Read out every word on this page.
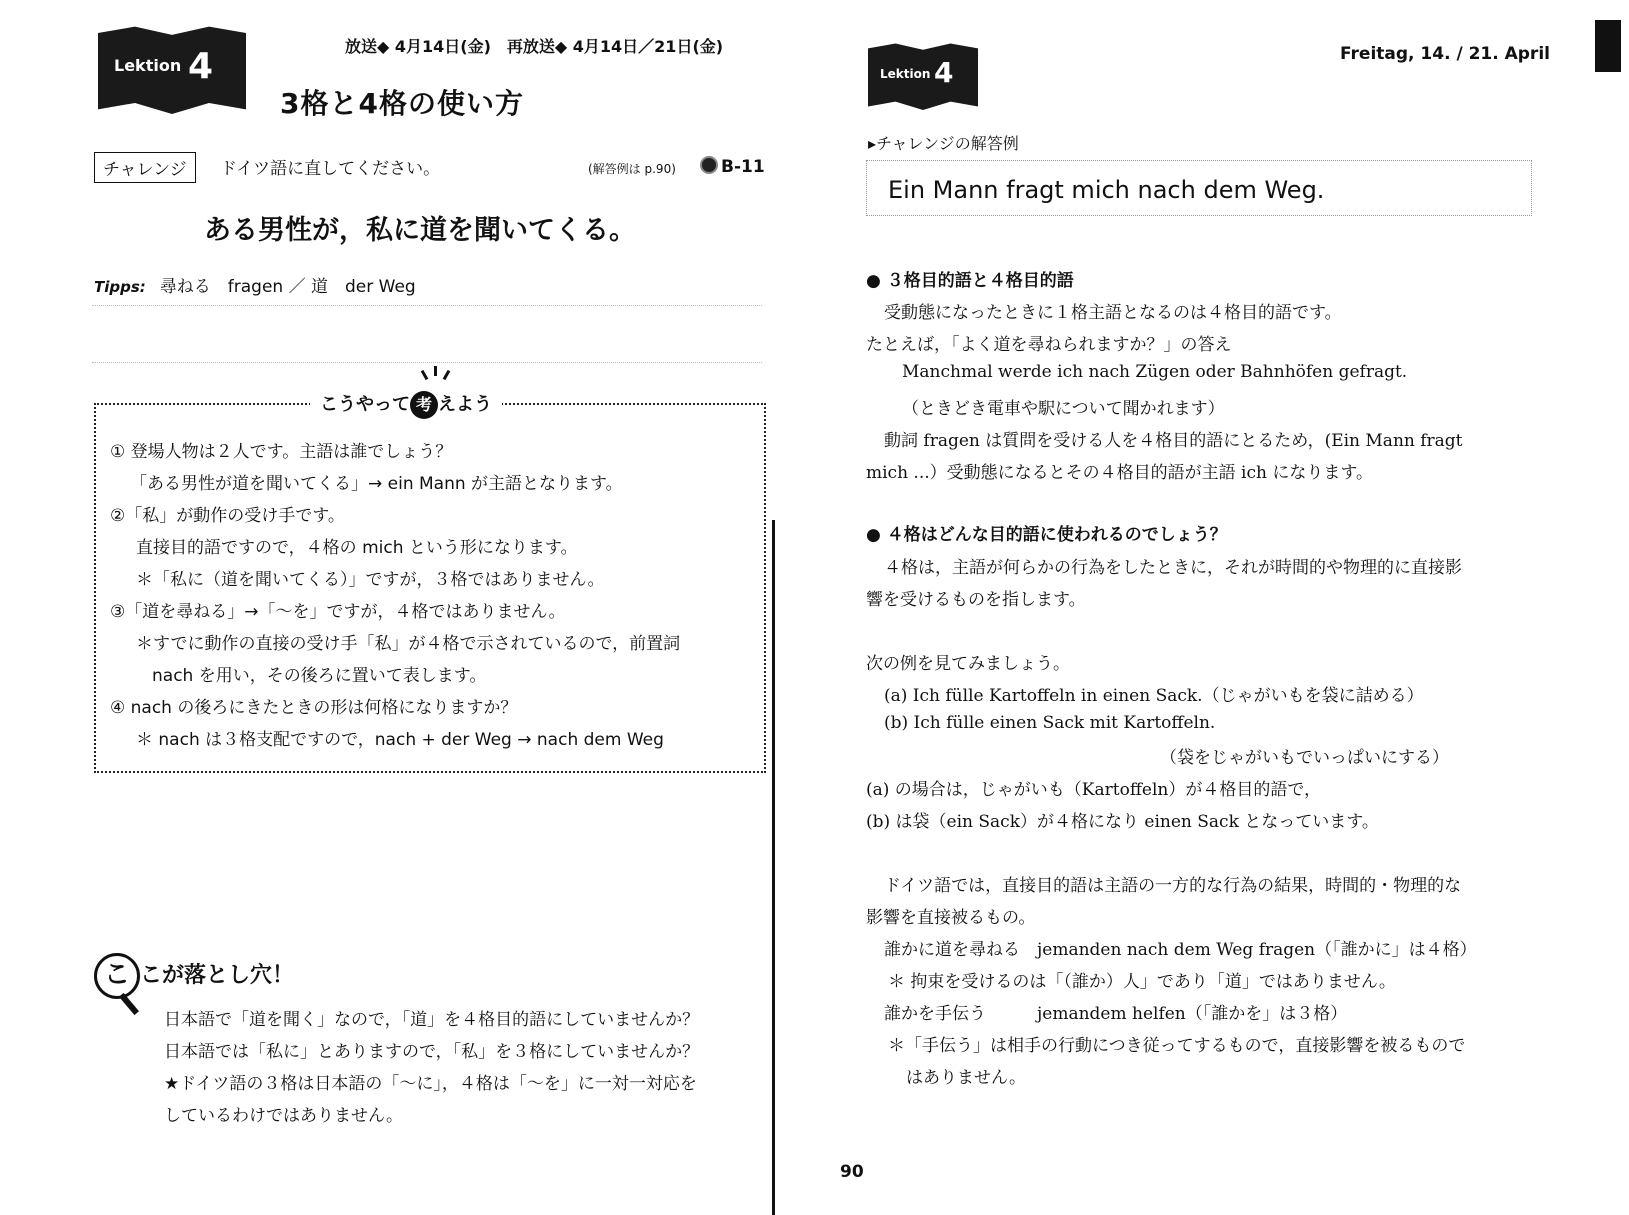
Lektion 4	放送◆ 4月14日(金)　再放送◆ 4月14日／21日(金)
3格と4格の使い方
チャレンジ	ドイツ語に直してください。	(解答例は p.90)	B-11
ある男性が，私に道を聞いてくる。
Tipps: 尋ねる　fragen ／ 道　der Weg
こうやって 考 えよう
① 登場人物は２人です。主語は誰でしょう？
「ある男性が道を聞いてくる」→ ein Mann が主語となります。
②「私」が動作の受け手です。
直接目的語ですので，４格の mich という形になります。
＊「私に（道を聞いてくる）」ですが，３格ではありません。
③「道を尋ねる」→「～を」ですが，４格ではありません。
＊すでに動作の直接の受け手「私」が４格で示されているので，前置詞
nach を用い，その後ろに置いて表します。
④ nach の後ろにきたときの形は何格になりますか？
＊ nach は３格支配ですので，nach + der Weg → nach dem Weg
こ こが落とし穴！
日本語で「道を聞く」なので，「道」を４格目的語にしていませんか？
日本語では「私に」とありますので，「私」を３格にしていませんか？
★ドイツ語の３格は日本語の「～に」，４格は「～を」に一対一対応を
しているわけではありません。
Lektion 4
Freitag, 14. / 21. April
▸チャレンジの解答例
Ein Mann fragt mich nach dem Weg.
● ３格目的語と４格目的語
受動態になったときに１格主語となるのは４格目的語です。
たとえば，「よく道を尋ねられますか？」の答え
Manchmal werde ich nach Zügen oder Bahnhöfen gefragt.
（ときどき電車や駅について聞かれます）
動詞 fragen は質問を受ける人を４格目的語にとるため，(Ein Mann fragt
mich ...）受動態になるとその４格目的語が主語 ich になります。
● ４格はどんな目的語に使われるのでしょう？
４格は，主語が何らかの行為をしたときに，それが時間的や物理的に直接影
響を受けるものを指します。
次の例を見てみましょう。
(a) Ich fülle Kartoffeln in einen Sack.（じゃがいもを袋に詰める）
(b) Ich fülle einen Sack mit Kartoffeln.
（袋をじゃがいもでいっぱいにする）
(a) の場合は，じゃがいも（Kartoffeln）が４格目的語で，
(b) は袋（ein Sack）が４格になり einen Sack となっています。
ドイツ語では，直接目的語は主語の一方的な行為の結果，時間的・物理的な
影響を直接被るもの。
誰かに道を尋ねる　jemanden nach dem Weg fragen（「誰かに」は４格）
＊ 拘束を受けるのは「（誰か）人」であり「道」ではありません。
誰かを手伝う　　　jemandem helfen（「誰かを」は３格）
＊「手伝う」は相手の行動につき従ってするもので，直接影響を被るもので
はありません。
90
